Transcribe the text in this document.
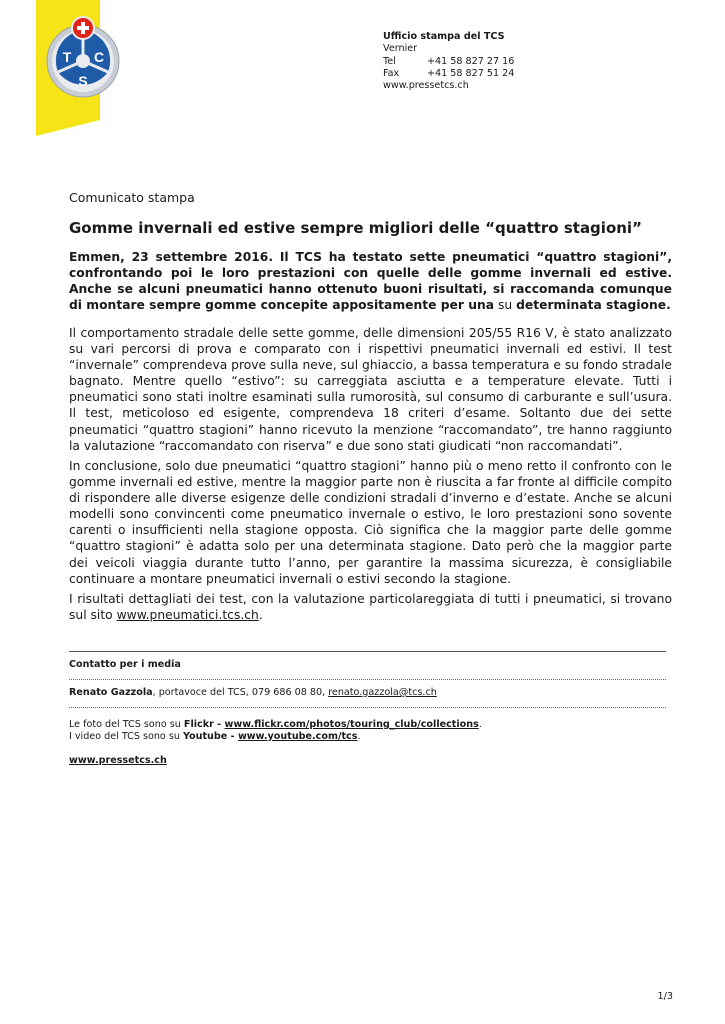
T C
S
Ufficio stampa del TCS
Vernier
Tel	+41 58 827 27 16
Fax	+41 58 827 51 24
www.pressetcs.ch
Comunicato stampa
Gomme invernali ed estive sempre migliori delle “quattro stagioni”
Emmen, 23 settembre 2016. Il TCS ha testato sette pneumatici “quattro stagioni”, confrontando poi le loro prestazioni con quelle delle gomme invernali ed estive. Anche se alcuni pneumatici hanno ottenuto buoni risultati, si raccomanda comunque di montare sempre gomme concepite appositamente per una su determinata stagione.
Il comportamento stradale delle sette gomme, delle dimensioni 205/55 R16 V, è stato analizzato su vari percorsi di prova e comparato con i rispettivi pneumatici invernali ed estivi. Il test “invernale” comprendeva prove sulla neve, sul ghiaccio, a bassa temperatura e su fondo stradale bagnato. Mentre quello “estivo”: su carreggiata asciutta e a temperature elevate. Tutti i pneumatici sono stati inoltre esaminati sulla rumorosità, sul consumo di carburante e sull’usura. Il test, meticoloso ed esigente, comprendeva 18 criteri d’esame. Soltanto due dei sette pneumatici “quattro stagioni” hanno ricevuto la menzione “raccomandato”, tre hanno raggiunto la valutazione “raccomandato con riserva” e due sono stati giudicati “non raccomandati”.
In conclusione, solo due pneumatici “quattro stagioni” hanno più o meno retto il confronto con le gomme invernali ed estive, mentre la maggior parte non è riuscita a far fronte al difficile compito di rispondere alle diverse esigenze delle condizioni stradali d’inverno e d’estate. Anche se alcuni modelli sono convincenti come pneumatico invernale o estivo, le loro prestazioni sono sovente carenti o insufficienti nella stagione opposta. Ciò significa che la maggior parte delle gomme “quattro stagioni” è adatta solo per una determinata stagione. Dato però che la maggior parte dei veicoli viaggia durante tutto l’anno, per garantire la massima sicurezza, è consigliabile continuare a montare pneumatici invernali o estivi secondo la stagione.
I risultati dettagliati dei test, con la valutazione particolareggiata di tutti i pneumatici, si trovano sul sito www.pneumatici.tcs.ch.
Contatto per i media
Renato Gazzola, portavoce del TCS, 079 686 08 80, renato.gazzola@tcs.ch
Le foto del TCS sono su Flickr - www.flickr.com/photos/touring_club/collections.
I video del TCS sono su Youtube - www.youtube.com/tcs.
www.pressetcs.ch
1/3
